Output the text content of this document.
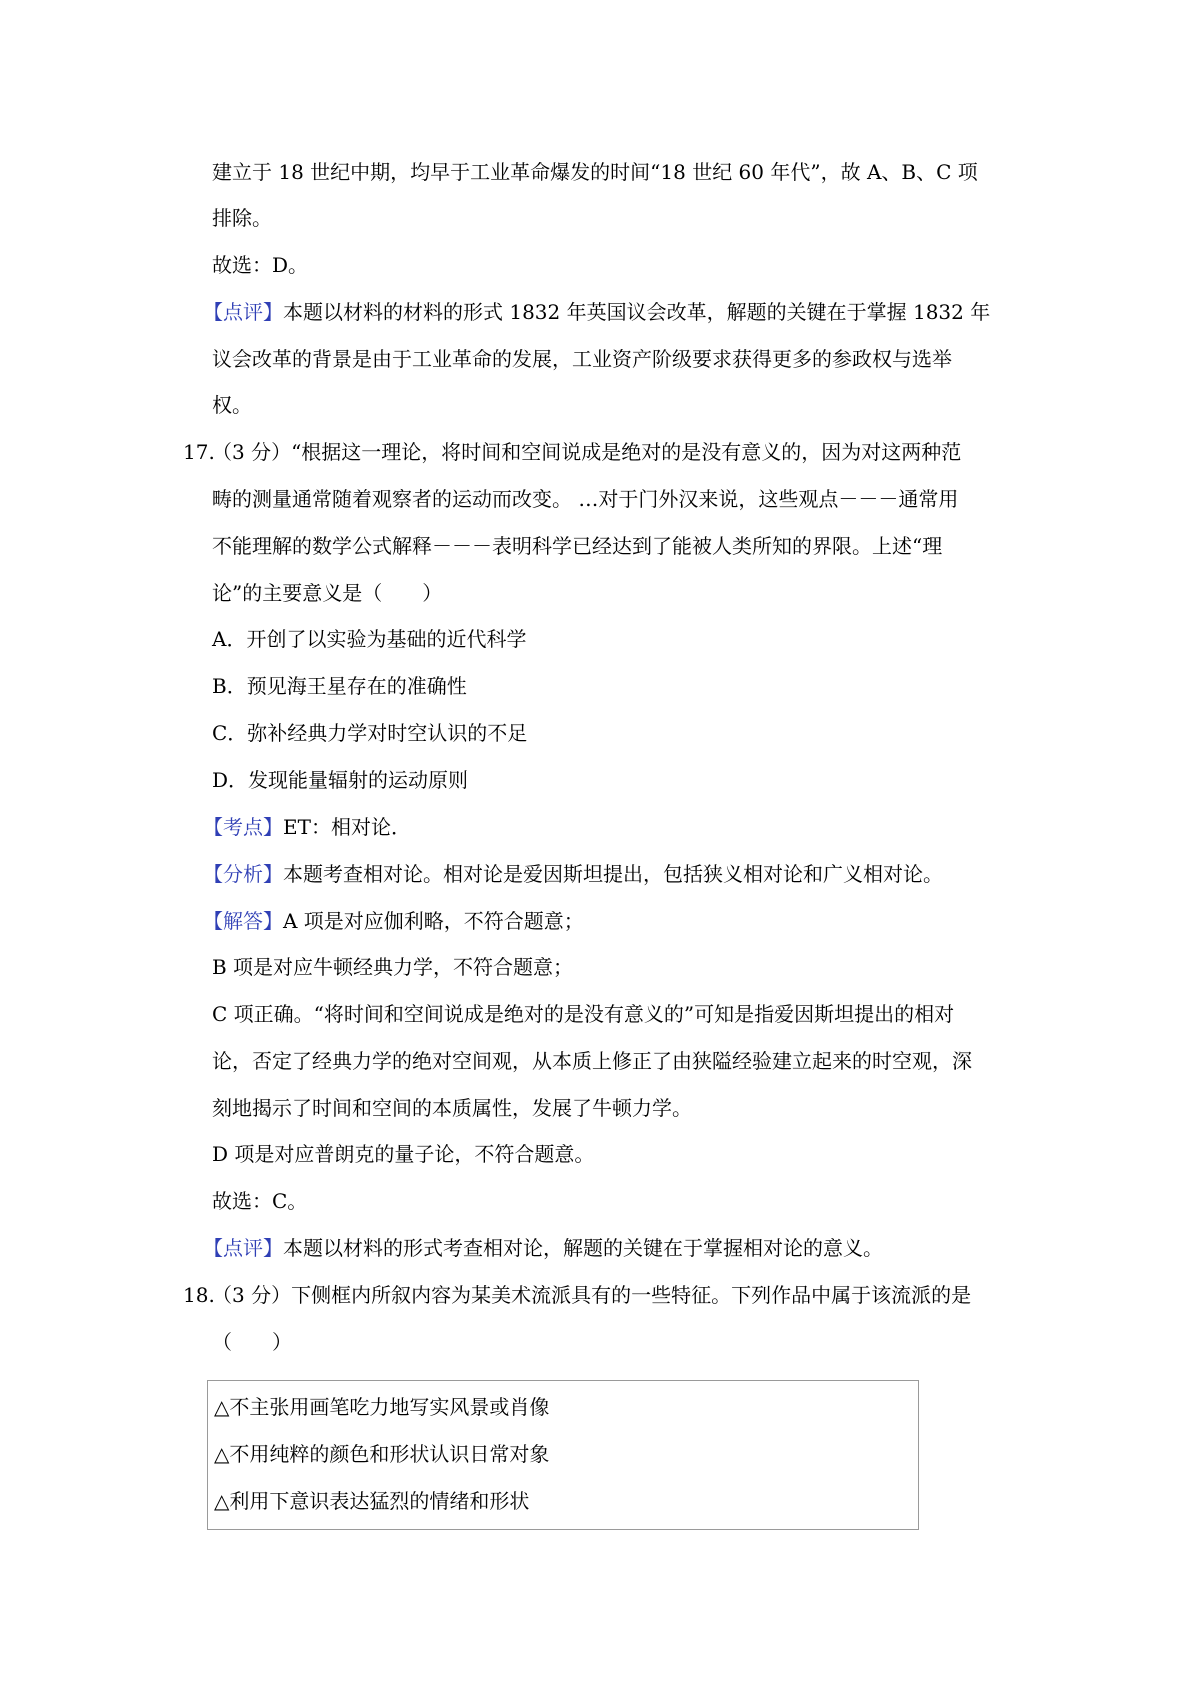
建立于 18 世纪中期，均早于工业革命爆发的时间“18 世纪 60 年代”，故 A、B、C 项
排除。
故选：D。
【点评】本题以材料的材料的形式 1832 年英国议会改革，解题的关键在于掌握 1832 年
议会改革的背景是由于工业革命的发展，工业资产阶级要求获得更多的参政权与选举
权。
17.
（3 分）“根据这一理论，将时间和空间说成是绝对的是没有意义的，因为对这两种范
畴的测量通常随着观察者的运动而改变。 …对于门外汉来说，这些观点－－－通常用
不能理解的数学公式解释－－－表明科学已经达到了能被人类所知的界限。上述“理
论”的主要意义是（　　）
A．开创了以实验为基础的近代科学
B．预见海王星存在的准确性
C．弥补经典力学对时空认识的不足
D．发现能量辐射的运动原则
【考点】ET：相对论．
【分析】本题考查相对论。相对论是爱因斯坦提出，包括狭义相对论和广义相对论。
【解答】A 项是对应伽利略，不符合题意；
B 项是对应牛顿经典力学，不符合题意；
C 项正确。“将时间和空间说成是绝对的是没有意义的”可知是指爱因斯坦提出的相对
论，否定了经典力学的绝对空间观，从本质上修正了由狭隘经验建立起来的时空观，深
刻地揭示了时间和空间的本质属性，发展了牛顿力学。
D 项是对应普朗克的量子论，不符合题意。
故选：C。
【点评】本题以材料的形式考查相对论，解题的关键在于掌握相对论的意义。
18.
（3 分）下侧框内所叙内容为某美术流派具有的一些特征。下列作品中属于该流派的是
（　　）
△不主张用画笔吃力地写实风景或肖像
△不用纯粹的颜色和形状认识日常对象
△利用下意识表达猛烈的情绪和形状
